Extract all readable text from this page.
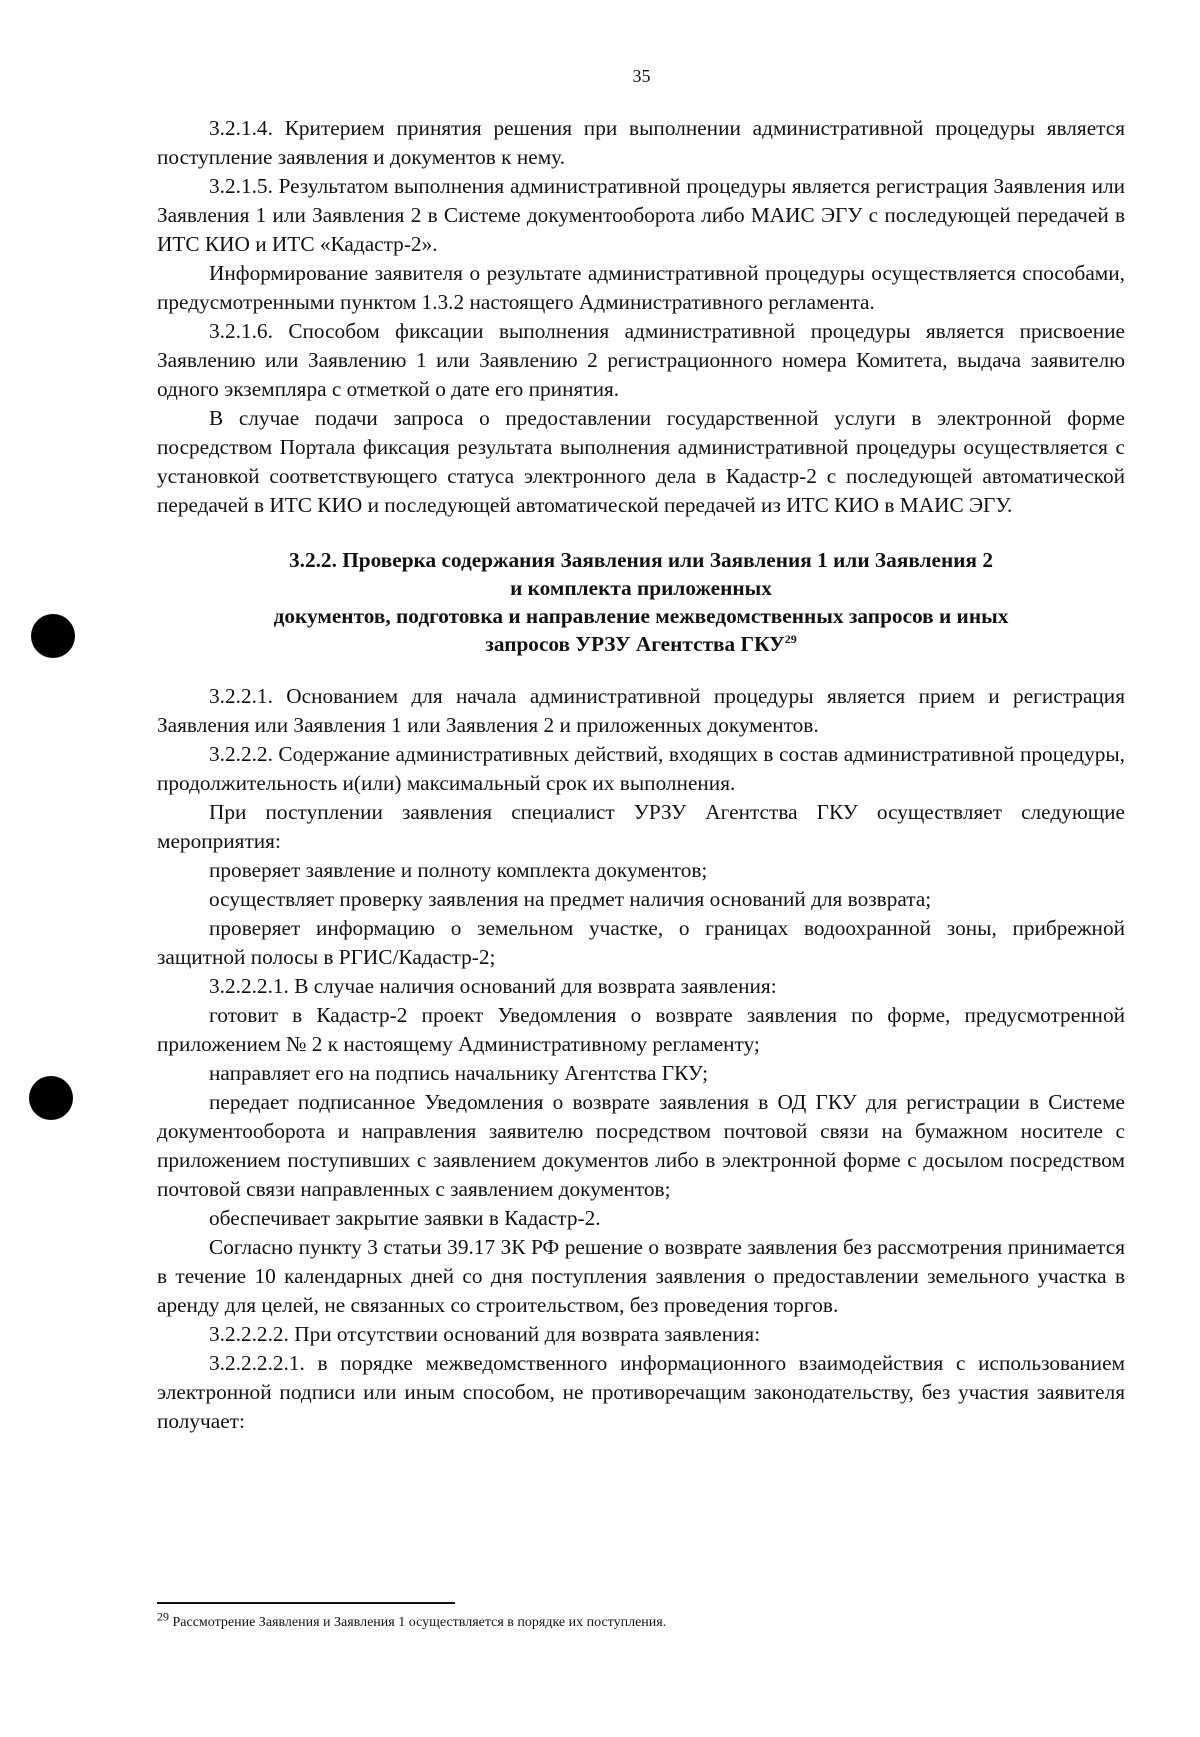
35

3.2.1.4. Критерием принятия решения при выполнении административной процедуры является поступление заявления и документов к нему.

3.2.1.5. Результатом выполнения административной процедуры является регистрация Заявления или Заявления 1 или Заявления 2 в Системе документооборота либо МАИС ЭГУ с последующей передачей в ИТС КИО и ИТС «Кадастр-2».

Информирование заявителя о результате административной процедуры осуществляется способами, предусмотренными пунктом 1.3.2 настоящего Административного регламента.

3.2.1.6. Способом фиксации выполнения административной процедуры является присвоение Заявлению или Заявлению 1 или Заявлению 2 регистрационного номера Комитета, выдача заявителю одного экземпляра с отметкой о дате его принятия.

В случае подачи запроса о предоставлении государственной услуги в электронной форме посредством Портала фиксация результата выполнения административной процедуры осуществляется с установкой соответствующего статуса электронного дела в Кадастр-2 с последующей автоматической передачей в ИТС КИО и последующей автоматической передачей из ИТС КИО в МАИС ЭГУ.

3.2.2. Проверка содержания Заявления или Заявления 1 или Заявления 2
и комплекта приложенных
документов, подготовка и направление межведомственных запросов и иных
запросов УРЗУ Агентства ГКУ$^{29}$

3.2.2.1. Основанием для начала административной процедуры является прием и регистрация Заявления или Заявления 1 или Заявления 2 и приложенных документов.

3.2.2.2. Содержание административных действий, входящих в состав административной процедуры, продолжительность и(или) максимальный срок их выполнения.

При поступлении заявления специалист УРЗУ Агентства ГКУ осуществляет следующие мероприятия:

проверяет заявление и полноту комплекта документов;

осуществляет проверку заявления на предмет наличия оснований для возврата;

проверяет информацию о земельном участке, о границах водоохранной зоны, прибрежной защитной полосы в РГИС/Кадастр-2;

3.2.2.2.1. В случае наличия оснований для возврата заявления:

готовит в Кадастр-2 проект Уведомления о возврате заявления по форме, предусмотренной приложением № 2 к настоящему Административному регламенту;

направляет его на подпись начальнику Агентства ГКУ;

передает подписанное Уведомления о возврате заявления в ОД ГКУ для регистрации в Системе документооборота и направления заявителю посредством почтовой связи на бумажном носителе с приложением поступивших с заявлением документов либо в электронной форме с досылом посредством почтовой связи направленных с заявлением документов;

обеспечивает закрытие заявки в Кадастр-2.

Согласно пункту 3 статьи 39.17 ЗК РФ решение о возврате заявления без рассмотрения принимается в течение 10 календарных дней со дня поступления заявления о предоставлении земельного участка в аренду для целей, не связанных со строительством, без проведения торгов.

3.2.2.2.2. При отсутствии оснований для возврата заявления:

3.2.2.2.2.1. в порядке межведомственного информационного взаимодействия с использованием электронной подписи или иным способом, не противоречащим законодательству, без участия заявителя получает:

$^{29}$ Рассмотрение Заявления и Заявления 1 осуществляется в порядке их поступления.
